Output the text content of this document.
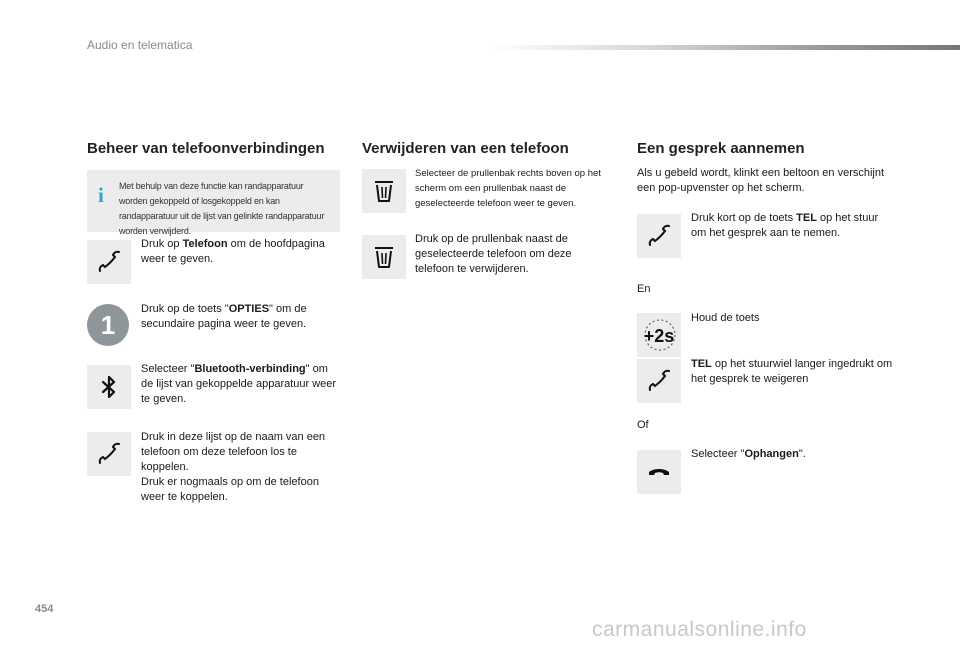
Audio en telematica
Beheer van telefoonverbindingen
i Met behulp van deze functie kan randapparatuur worden gekoppeld of losgekoppeld en kan randapparatuur uit de lijst van gelinkte randapparatuur worden verwijderd.
Druk op Telefoon om de hoofdpagina weer te geven.
1
Druk op de toets "OPTIES" om de secundaire pagina weer te geven.
Selecteer "Bluetooth-verbinding" om de lijst van gekoppelde apparatuur weer te geven.
Druk in deze lijst op de naam van een telefoon om deze telefoon los te koppelen.
Druk er nogmaals op om de telefoon weer te koppelen.
Verwijderen van een telefoon
Selecteer de prullenbak rechts boven op het scherm om een prullenbak naast de geselecteerde telefoon weer te geven.
Druk op de prullenbak naast de geselecteerde telefoon om deze telefoon te verwijderen.
Een gesprek aannemen
Als u gebeld wordt, klinkt een beltoon en verschijnt een pop-upvenster op het scherm.
Druk kort op de toets TEL op het stuur om het gesprek aan te nemen.
En
+2s
Houd de toets
TEL op het stuurwiel langer ingedrukt om het gesprek te weigeren
Of
Selecteer "Ophangen".
454
carmanualsonline.info
